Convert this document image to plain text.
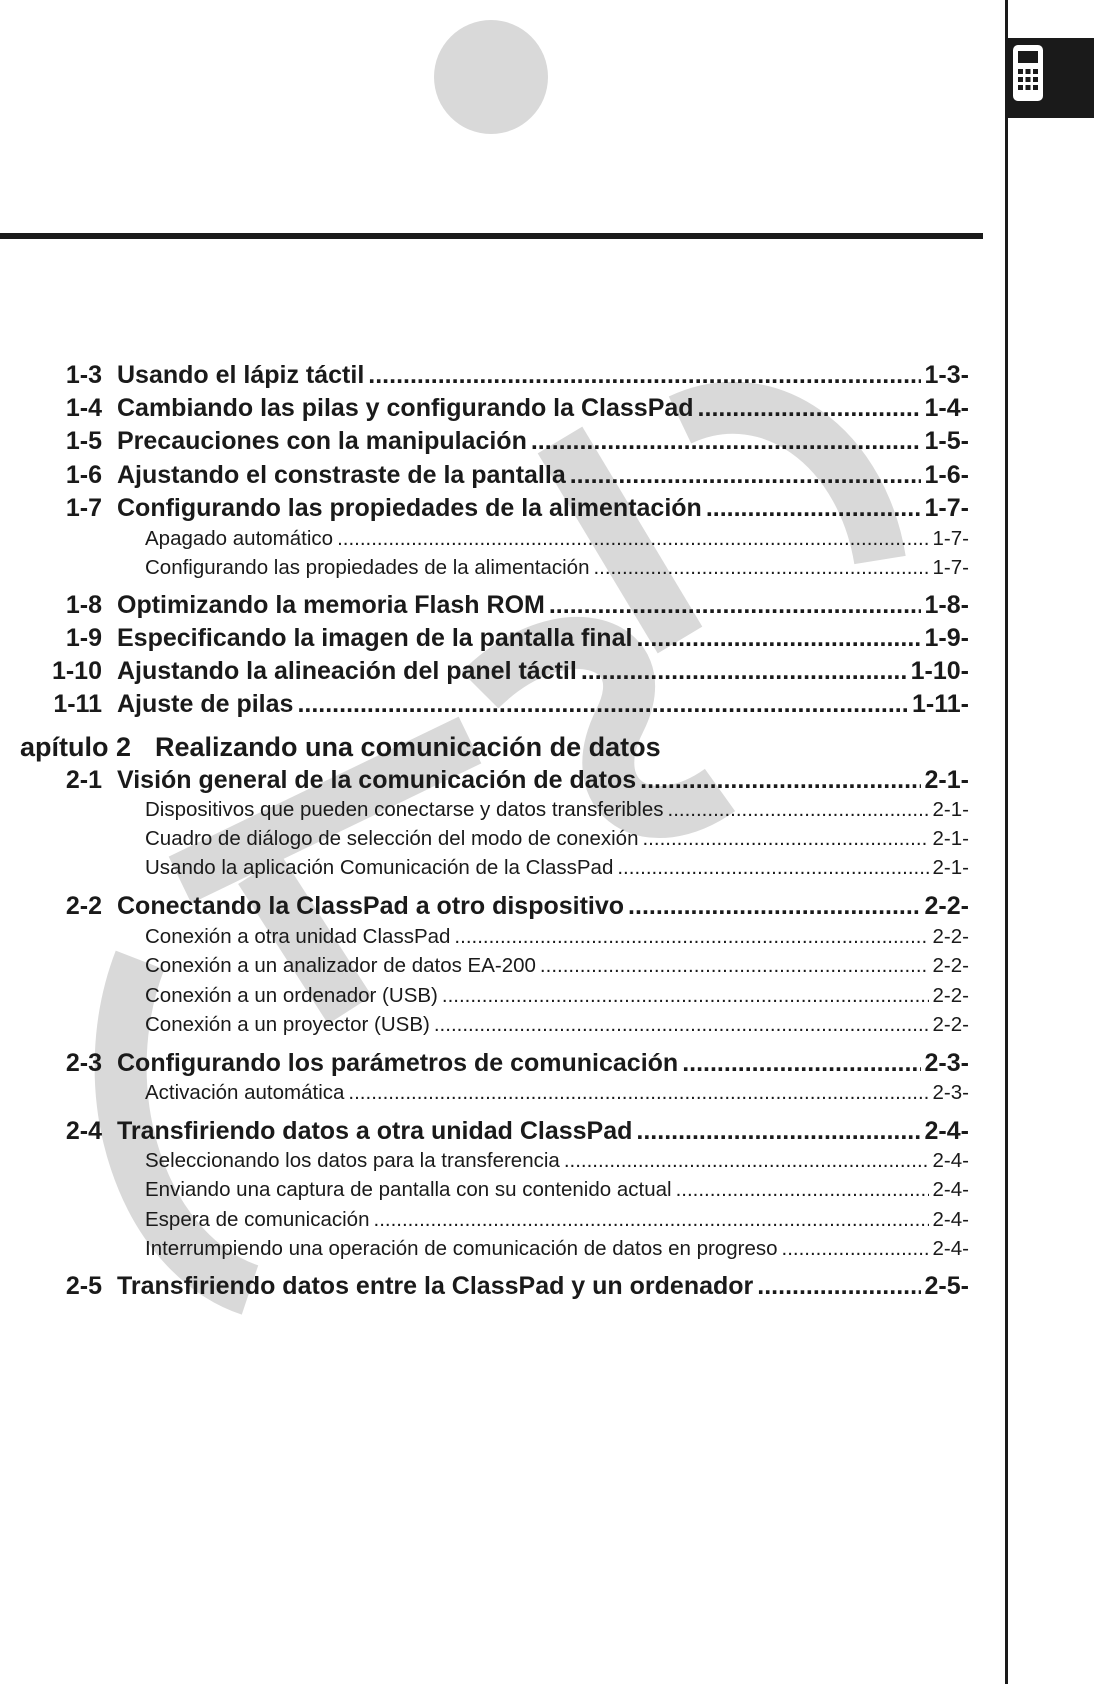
1-3 Usando el lápiz táctil .....	1-3-
1-4 Cambiando las pilas y configurando la ClassPad .....	1-4-
1-5 Precauciones con la manipulación .....	1-5-
1-6 Ajustando el constraste de la pantalla .....	1-6-
1-7 Configurando las propiedades de la alimentación .....	1-7-
Apagado automático .....	1-7-
Configurando las propiedades de la alimentación .....	1-7-
1-8 Optimizando la memoria Flash ROM .....	1-8-
1-9 Especificando la imagen de la pantalla final .....	1-9-
1-10 Ajustando la alineación del panel táctil .....	1-10-
1-11 Ajuste de pilas .....	1-11-
apítulo 2 Realizando una comunicación de datos
2-1 Visión general de la comunicación de datos .....	2-1-
Dispositivos que pueden conectarse y datos transferibles .....	2-1-
Cuadro de diálogo de selección del modo de conexión .....	2-1-
Usando la aplicación Comunicación de la ClassPad .....	2-1-
2-2 Conectando la ClassPad a otro dispositivo .....	2-2-
Conexión a otra unidad ClassPad .....	2-2-
Conexión a un analizador de datos EA-200 .....	2-2-
Conexión a un ordenador (USB) .....	2-2-
Conexión a un proyector (USB) .....	2-2-
2-3 Configurando los parámetros de comunicación .....	2-3-
Activación automática .....	2-3-
2-4 Transfiriendo datos a otra unidad ClassPad .....	2-4-
Seleccionando los datos para la transferencia .....	2-4-
Enviando una captura de pantalla con su contenido actual .....	2-4-
Espera de comunicación .....	2-4-
Interrumpiendo una operación de comunicación de datos en progreso .....	2-4-
2-5 Transfiriendo datos entre la ClassPad y un ordenador .....	2-5-
